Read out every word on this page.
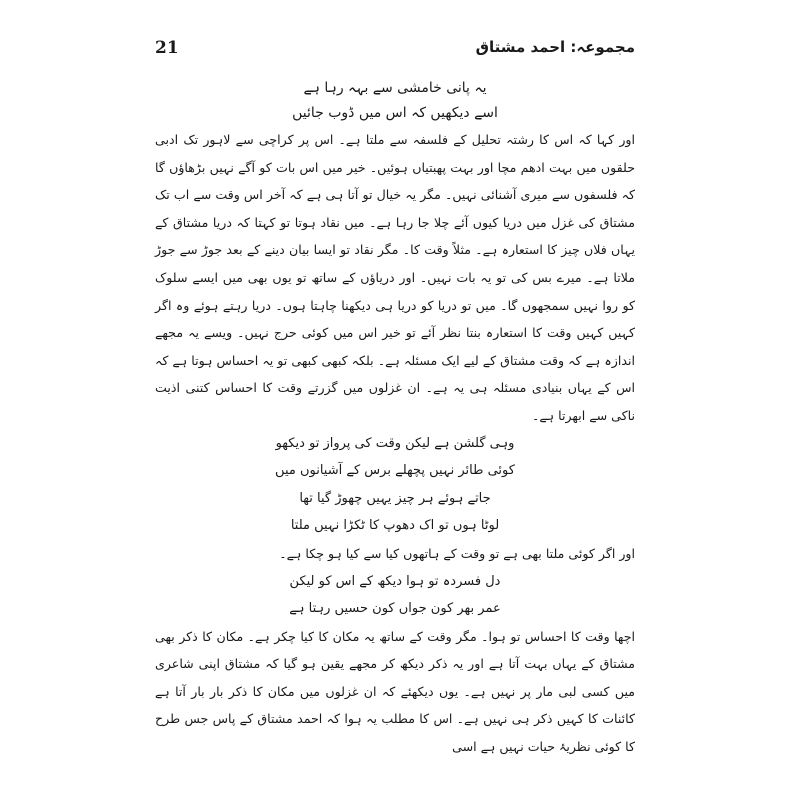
21	مجموعہ: احمد مشتاق

یہ پانی خامشی سے بہہ رہا ہے

اسے دیکھیں کہ اس میں ڈوب جائیں

اور کہا کہ اس کا رشتہ تحلیل کے فلسفہ سے ملتا ہے۔ اس پر کراچی سے لاہور تک ادبی حلقوں میں بہت ادھم مچا اور بہت پھبتیاں ہوئیں۔ خیر میں اس بات کو آگے نہیں بڑھاؤں گا کہ فلسفوں سے میری آشنائی نہیں۔ مگر یہ خیال تو آتا ہی ہے کہ آخر اس وقت سے اب تک مشتاق کی غزل میں دریا کیوں آئے چلا جا رہا ہے۔ میں نقاد ہوتا تو کہتا کہ دریا مشتاق کے یہاں فلاں چیز کا استعارہ ہے۔ مثلاً وقت کا۔ مگر نقاد تو ایسا بیان دینے کے بعد جوڑ سے جوڑ ملاتا ہے۔ میرے بس کی تو یہ بات نہیں۔ اور دریاؤں کے ساتھ تو یوں بھی میں ایسے سلوک کو روا نہیں سمجھوں گا۔ میں تو دریا کو دریا ہی دیکھنا چاہتا ہوں۔ دریا رہتے ہوئے وہ اگر کہیں کہیں وقت کا استعارہ بنتا نظر آئے تو خیر اس میں کوئی حرج نہیں۔ ویسے یہ مجھے اندازہ ہے کہ وقت مشتاق کے لیے ایک مسئلہ ہے۔ بلکہ کبھی کبھی تو یہ احساس ہوتا ہے کہ اس کے یہاں بنیادی مسئلہ ہی یہ ہے۔ ان غزلوں میں گزرتے وقت کا احساس کتنی اذیت ناکی سے ابھرتا ہے۔

وہی گلشن ہے لیکن وقت کی پرواز تو دیکھو

کوئی طائر نہیں پچھلے برس کے آشیانوں میں

جاتے ہوئے ہر چیز یہیں چھوڑ گیا تھا

لوٹا ہوں تو اک دھوپ کا ٹکڑا نہیں ملتا

اور اگر کوئی ملتا بھی ہے تو وقت کے ہاتھوں کیا سے کیا ہو چکا ہے۔

دل فسردہ تو ہوا دیکھ کے اس کو لیکن

عمر بھر کون جواں کون حسیں رہتا ہے

اچھا وقت کا احساس تو ہوا۔ مگر وقت کے ساتھ یہ مکان کا کیا چکر ہے۔ مکان کا ذکر بھی مشتاق کے یہاں بہت آتا ہے اور یہ ذکر دیکھ کر مجھے یقین ہو گیا کہ مشتاق اپنی شاعری میں کسی لبی مار پر نہیں ہے۔ یوں دیکھئے کہ ان غزلوں میں مکان کا ذکر بار بار آتا ہے کائنات کا کہیں ذکر ہی نہیں ہے۔ اس کا مطلب یہ ہوا کہ احمد مشتاق کے پاس جس طرح کا کوئی نظریۂ حیات نہیں ہے اسی
